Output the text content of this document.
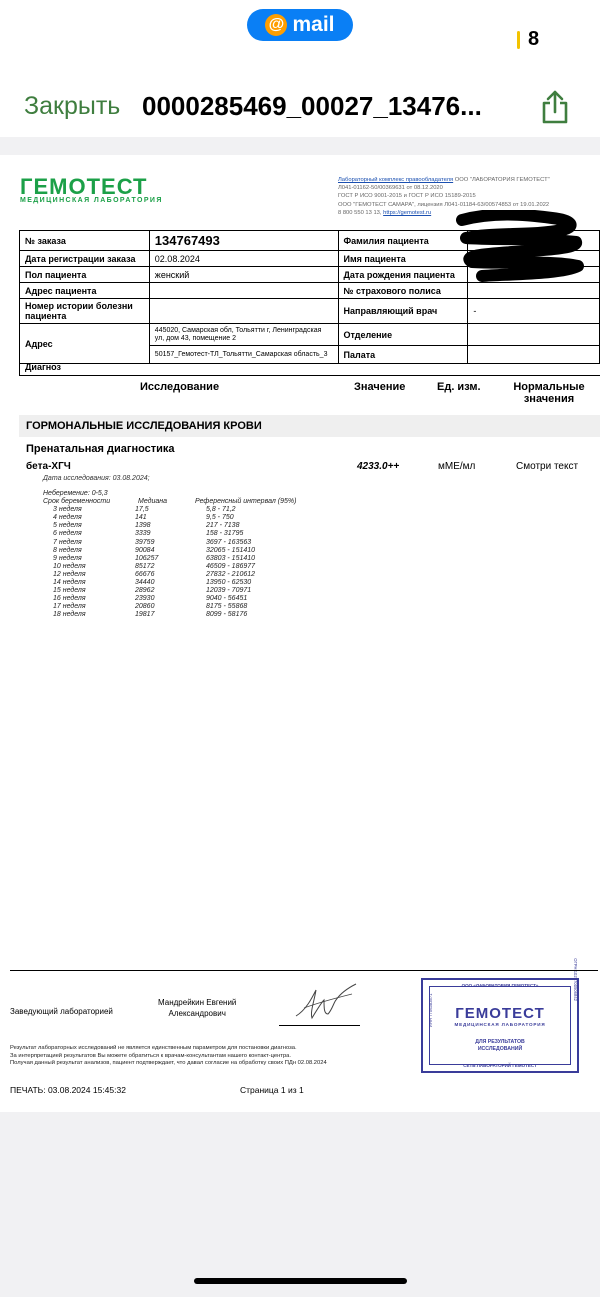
@ mail
8
Закрыть 0000285469_00027_13476...
ГЕМОТЕСТ
МЕДИЦИНСКАЯ ЛАБОРАТОРИЯ
Лабораторный комплекс правообладателя ООО "ЛАБОРАТОРИЯ ГЕМОТЕСТ"
Л041-01162-50/00369631 от 08.12.2020
ГОСТ Р ИСО 9001-2015 и ГОСТ Р ИСО 15189-2015
ООО "ГЕМОТЕСТ САМАРА", лицензия Л041-01184-63/00574853 от 19.01.2022
8 800 550 13 13, https://gemotest.ru
№ заказа	134767493	Фамилия пациента	
Дата регистрации заказа	02.08.2024	Имя пациента	
Пол пациента	женский	Дата рождения пациента	
Адрес пациента		№ страхового полиса	
Номер истории болезни пациента		Направляющий врач	-
Адрес	445020, Самарская обл, Тольятти г, Ленинградская ул, дом 43, помещение 2	Отделение	
	50157_Гемотест-ТЛ_Тольятти_Самарская область_3	Палата	
Диагноз
Исследование	Значение	Ед. изм.	Нормальные
значения
ГОРМОНАЛЬНЫЕ ИССЛЕДОВАНИЯ КРОВИ
Пренатальная диагностика
бета-ХГЧ	4233.0++	мМЕ/мл	Смотри текст
Дата исследования: 03.08.2024;
Неберемение: 0-5,3
Срок беременности	Медиана	Референсный интервал (95%)
3 неделя	17,5	5,8 - 71,2
4 неделя	141	9,5 - 750
5 неделя	1398	217 - 7138
6 неделя	3339	158 - 31795
7 неделя	39759	3697 - 163563
8 неделя	90084	32065 - 151410
9 неделя	106257	63803 - 151410
10 неделя	85172	46509 - 186977
12 неделя	66676	27832 - 210612
14 неделя	34440	13950 - 62530
15 неделя	28962	12039 - 70971
16 неделя	23930	9040 - 56451
17 неделя	20860	8175 - 55868
18 неделя	19817	8099 - 58176
Заведующий лабораторией
Мандрейкин Евгений
Александрович
Результат лабораторных исследований не является единственным параметром для постановки диагноза.
За интерпретацией результатов Вы можете обратиться к врачам-консультантам нашего контакт-центра.
Получая данный результат анализов, пациент подтверждает, что давал согласие на обработку своих ПДн 02.08.2024
ПЕЧАТЬ: 03.08.2024 15:45:32	Страница 1 из 1
ООО «ЛАБОРАТОРИЯ ГЕМОТЕСТ»
ГЕМОТЕСТ
МЕДИЦИНСКАЯ ЛАБОРАТОРИЯ
ДЛЯ РЕЗУЛЬТАТОВ
ИССЛЕДОВАНИЙ
СЕТЬ ЛАБОРАТОРИЙ ГЕМОТЕСТ
ИНН 7706383571
ОГРН 1027700506842
